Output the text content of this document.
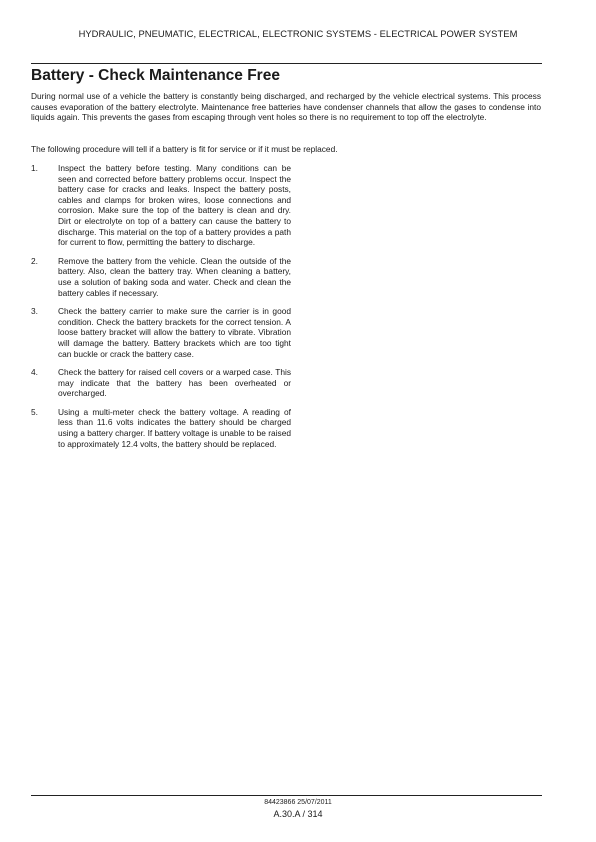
HYDRAULIC, PNEUMATIC, ELECTRICAL, ELECTRONIC SYSTEMS - ELECTRICAL POWER SYSTEM
Battery - Check Maintenance Free

During normal use of a vehicle the battery is constantly being discharged, and recharged by the vehicle electrical systems. This process causes evaporation of the battery electrolyte. Maintenance free batteries have condenser channels that allow the gases to condense into liquids again. This prevents the gases from escaping through vent holes so there is no requirement to top off the electrolyte.

The following procedure will tell if a battery is fit for service or if it must be replaced.

1. Inspect the battery before testing. Many conditions can be seen and corrected before battery problems occur. Inspect the battery case for cracks and leaks. Inspect the battery posts, cables and clamps for broken wires, loose connections and corrosion. Make sure the top of the battery is clean and dry. Dirt or electrolyte on top of a battery can cause the battery to discharge. This material on the top of a battery provides a path for current to flow, permitting the battery to discharge.
2. Remove the battery from the vehicle. Clean the outside of the battery. Also, clean the battery tray. When cleaning a battery, use a solution of baking soda and water. Check and clean the battery cables if necessary.
3. Check the battery carrier to make sure the carrier is in good condition. Check the battery brackets for the correct tension. A loose battery bracket will allow the battery to vibrate. Vibration will damage the battery. Battery brackets which are too tight can buckle or crack the battery case.
4. Check the battery for raised cell covers or a warped case. This may indicate that the battery has been overheated or overcharged.
5. Using a multi-meter check the battery voltage. A reading of less than 11.6 volts indicates the battery should be charged using a battery charger. If battery voltage is unable to be raised to approximately 12.4 volts, the battery should be replaced.
84423866 25/07/2011
A.30.A / 314
